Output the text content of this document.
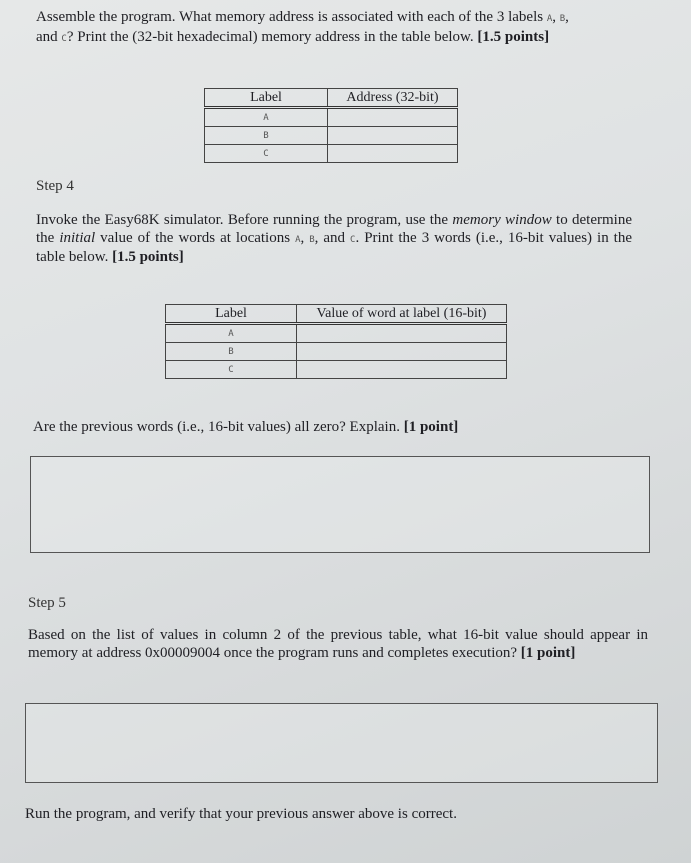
Assemble the program. What memory address is associated with each of the 3 labels A, B,
and C? Print the (32-bit hexadecimal) memory address in the table below. [1.5 points]
Label	Address (32-bit)
A	
B	
C	
Step 4
Invoke the Easy68K simulator. Before running the program, use the memory window to determine the initial value of the words at locations A, B, and C. Print the 3 words (i.e., 16-bit values) in the table below. [1.5 points]
Label	Value of word at label (16-bit)
A	
B	
C	
Are the previous words (i.e., 16-bit values) all zero? Explain. [1 point]
Step 5
Based on the list of values in column 2 of the previous table, what 16-bit value should appear in memory at address 0x00009004 once the program runs and completes execution? [1 point]
Run the program, and verify that your previous answer above is correct.
